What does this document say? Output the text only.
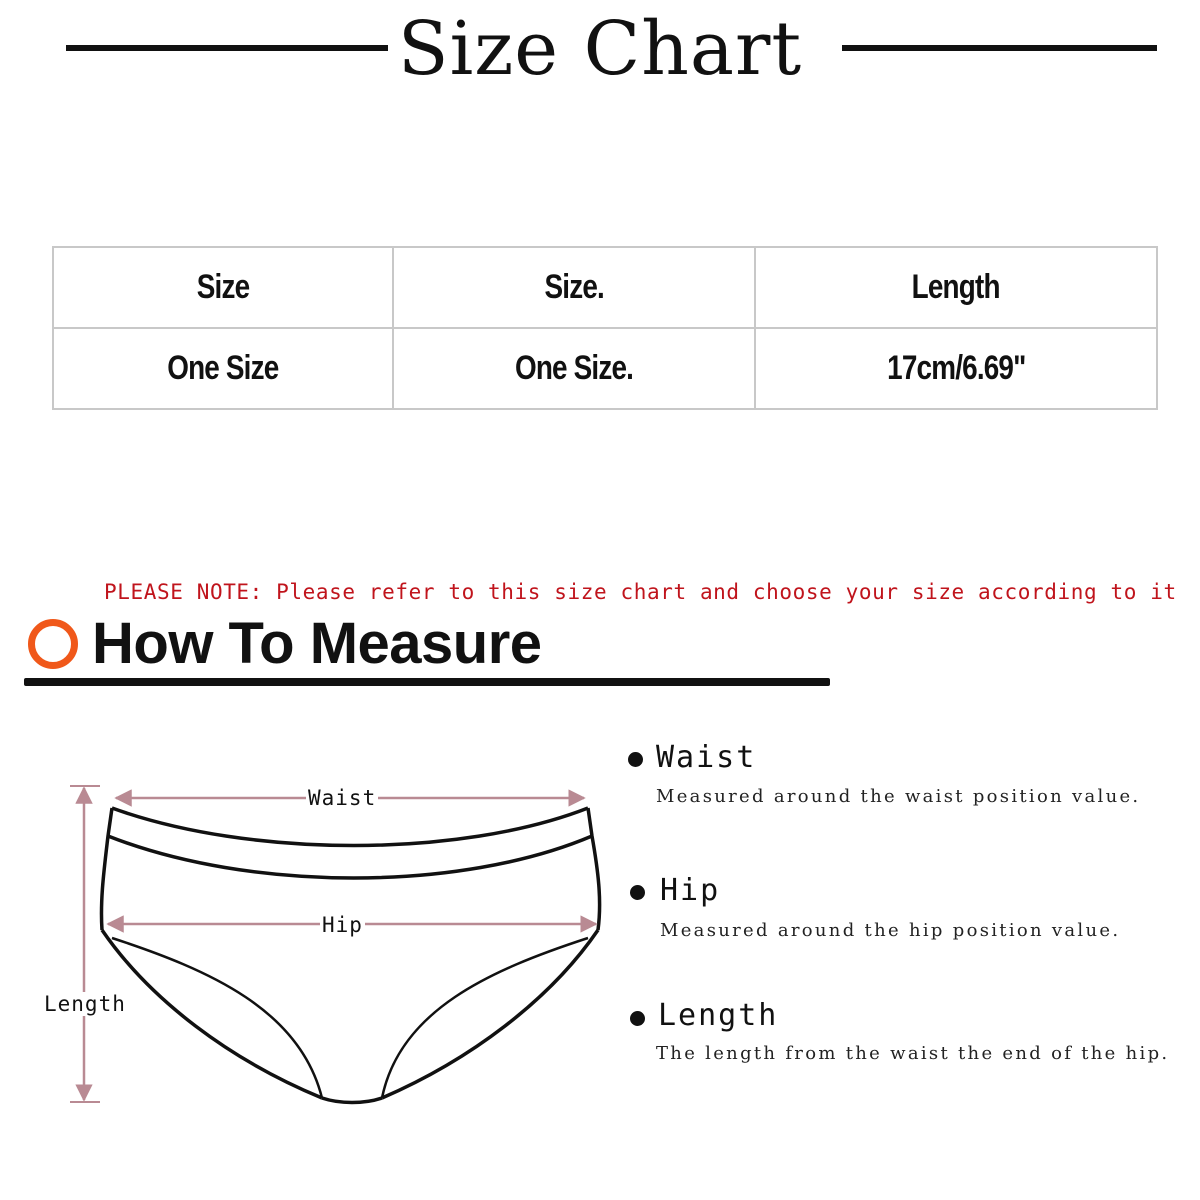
Size Chart
Size	Size.	Length
One Size	One Size.	17cm/6.69"
PLEASE NOTE: Please refer to this size chart and choose your size according to it
How To Measure
Waist
Hip
Length
Waist
Measured around the waist position value.
Hip
Measured around the hip position value.
Length
The length from the waist the end of the hip.
